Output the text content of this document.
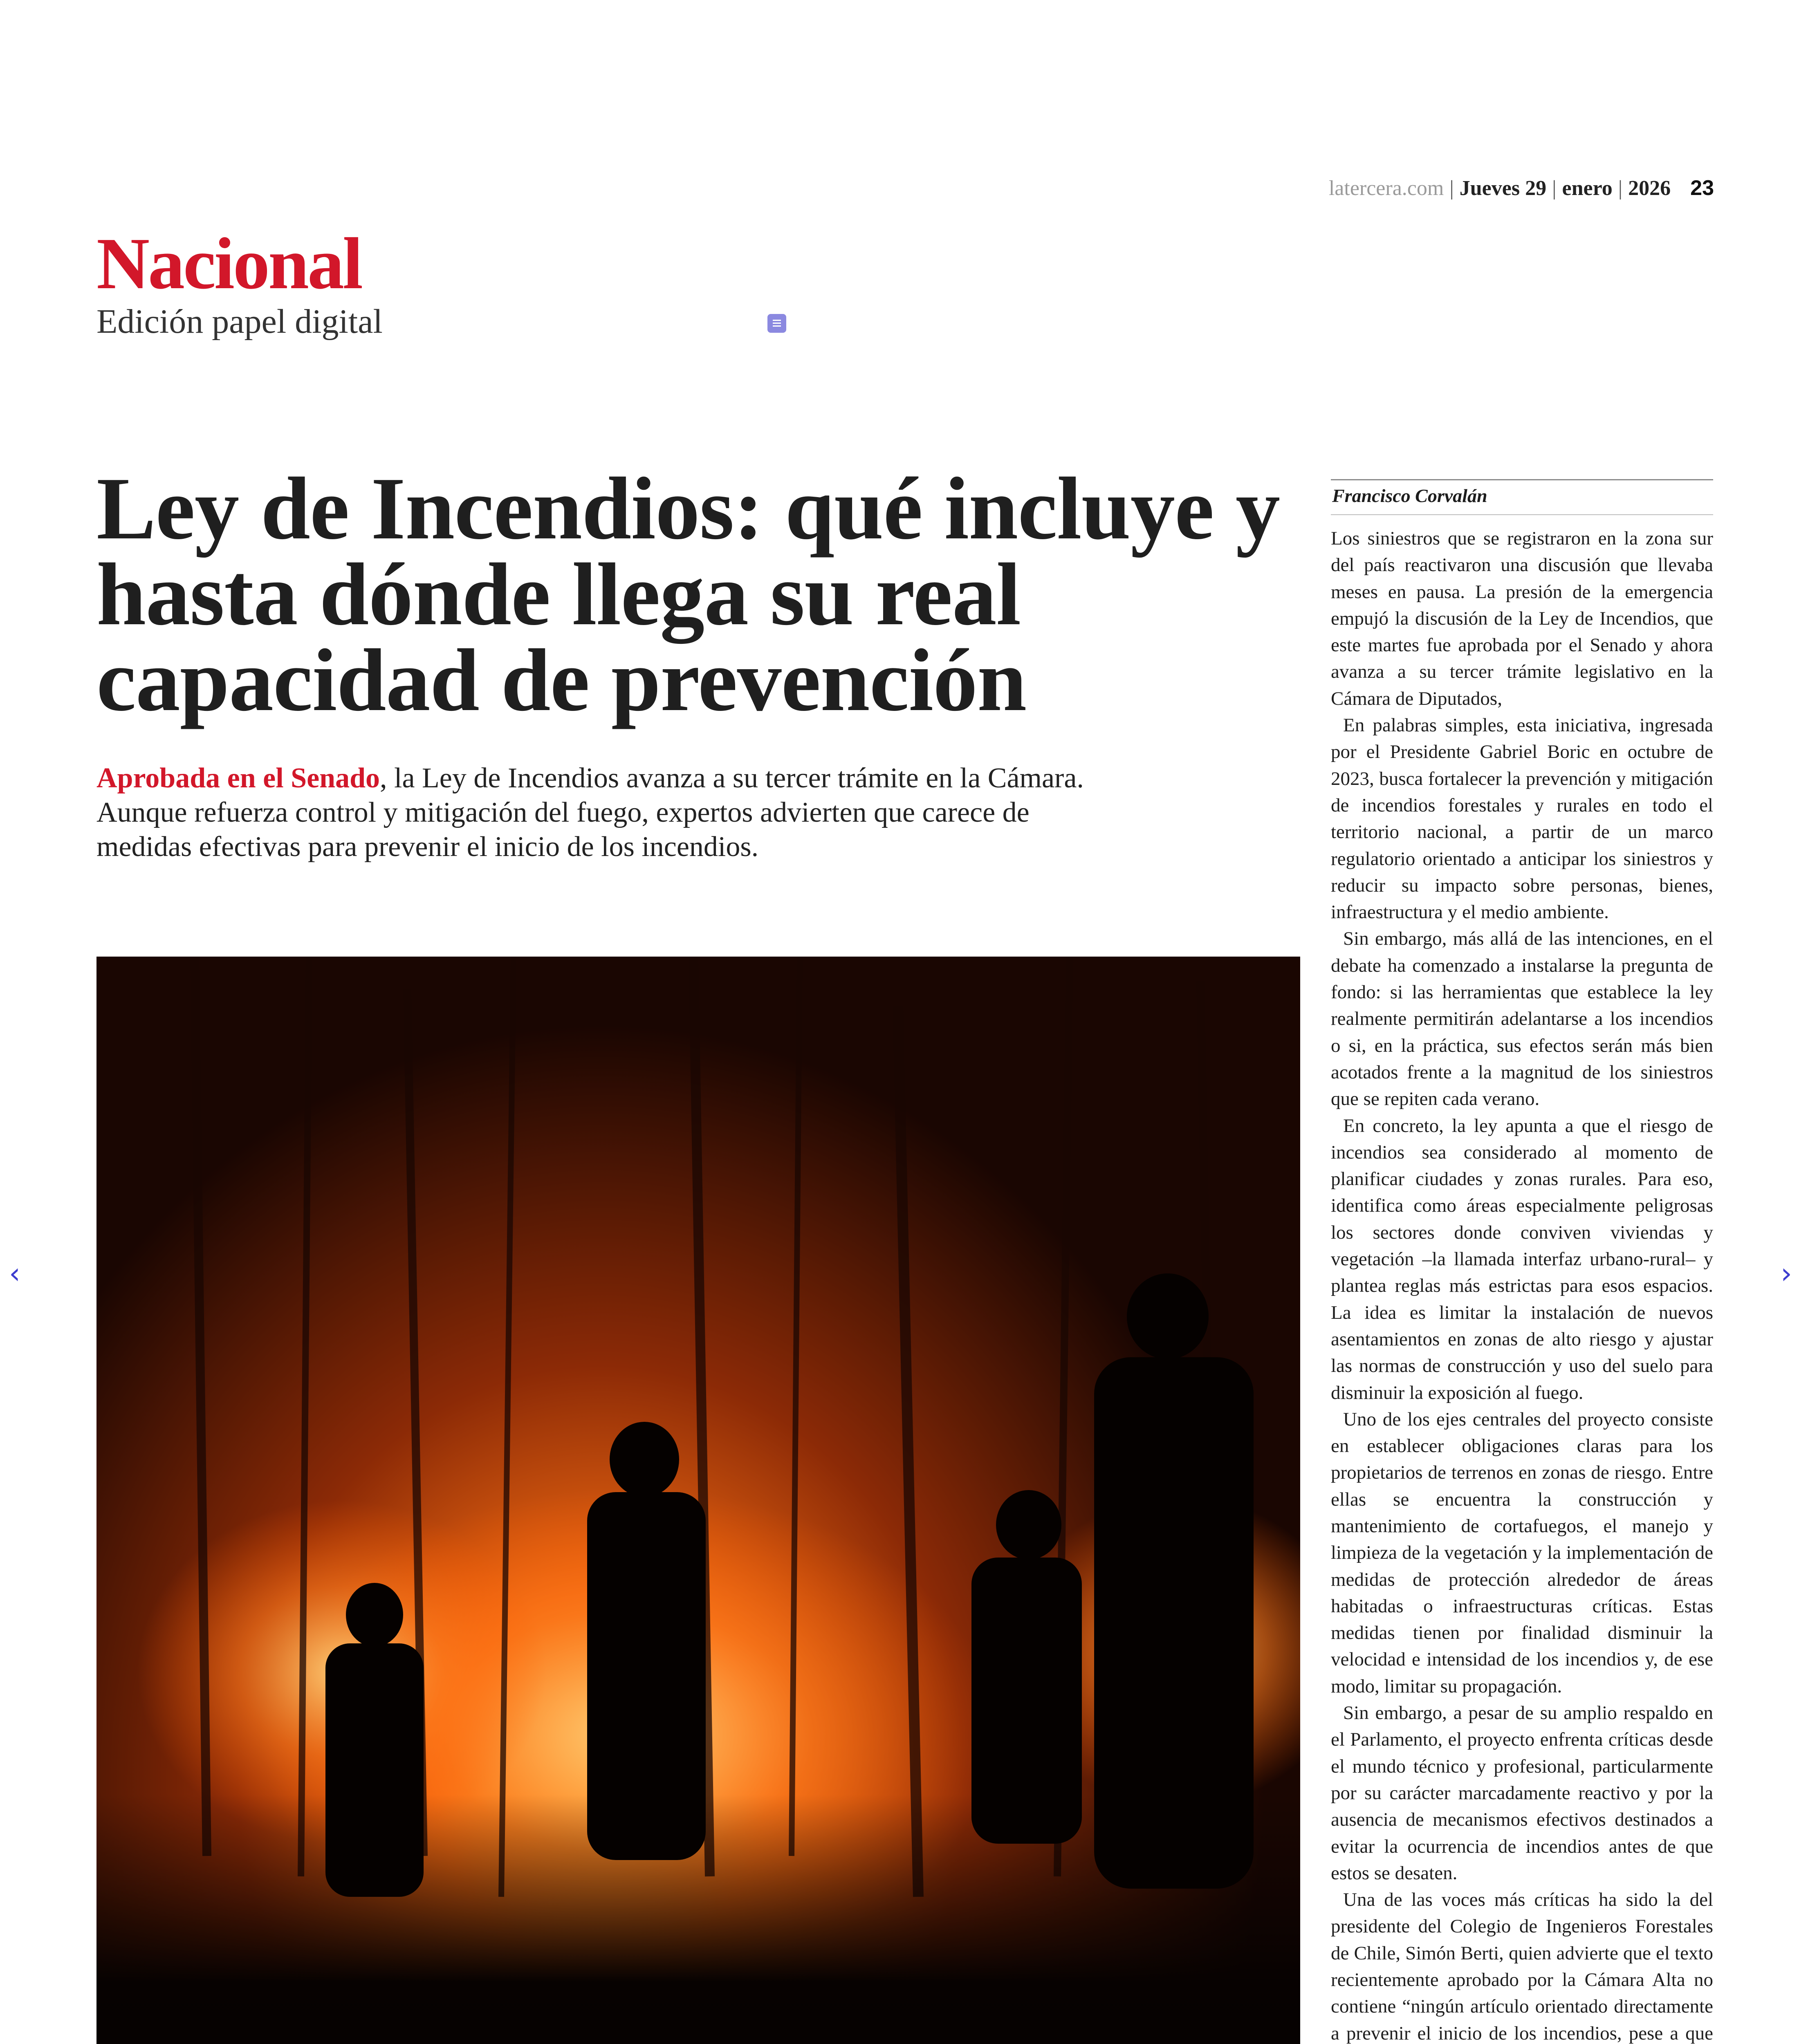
latercera.com | Jueves 29 | enero | 2026 23
Nacional
Edición papel digital
Ley de Incendios: qué incluye y hasta dónde llega su real capacidad de prevención
Aprobada en el Senado, la Ley de Incendios avanza a su tercer trámite en la Cámara. Aunque refuerza control y mitigación del fuego, expertos advierten que carece de medidas efectivas para prevenir el inicio de los incendios.
Francisco Corvalán

Los siniestros que se registraron en la zona sur del país reactivaron una discusión que llevaba meses en pausa. La presión de la emergencia empujó la discusión de la Ley de Incendios, que este martes fue aprobada por el Senado y ahora avanza a su tercer trámite legislativo en la Cámara de Diputados,

En palabras simples, esta iniciativa, ingresada por el Presidente Gabriel Boric en octubre de 2023, busca fortalecer la prevención y mitigación de incendios forestales y rurales en todo el territorio nacional, a partir de un marco regulatorio orientado a anticipar los siniestros y reducir su impacto sobre personas, bienes, infraestructura y el medio ambiente.

Sin embargo, más allá de las intenciones, en el debate ha comenzado a instalarse la pregunta de fondo: si las herramientas que establece la ley realmente permitirán adelantarse a los incendios o si, en la práctica, sus efectos serán más bien acotados frente a la magnitud de los siniestros que se repiten cada verano.

En concreto, la ley apunta a que el riesgo de incendios sea considerado al momento de planificar ciudades y zonas rurales. Para eso, identifica como áreas especialmente peligrosas los sectores donde conviven viviendas y vegetación –la llamada interfaz urbano-rural– y plantea reglas más estrictas para esos espacios. La idea es limitar la instalación de nuevos asentamientos en zonas de alto riesgo y ajustar las normas de construcción y uso del suelo para disminuir la exposición al fuego.

Uno de los ejes centrales del proyecto consiste en establecer obligaciones claras para los propietarios de terrenos en zonas de riesgo. Entre ellas se encuentra la construcción y mantenimiento de cortafuegos, el manejo y limpieza de la vegetación y la implementación de medidas de protección alrededor de áreas habitadas o infraestructuras críticas. Estas medidas tienen por finalidad disminuir la velocidad e intensidad de los incendios y, de ese modo, limitar su propagación.

Sin embargo, a pesar de su amplio respaldo en el Parlamento, el proyecto enfrenta críticas desde el mundo técnico y profesional, particularmente por su carácter marcadamente reactivo y por la ausencia de mecanismos efectivos destinados a evitar la ocurrencia de incendios antes de que estos se desaten.

Una de las voces más críticas ha sido la del presidente del Colegio de Ingenieros Forestales de Chile, Simón Berti, quien advierte que el texto recientemente aprobado por la Cámara Alta no contiene “ningún artículo orientado directamente a prevenir el inicio de los incendios, pese a que

‹	›
